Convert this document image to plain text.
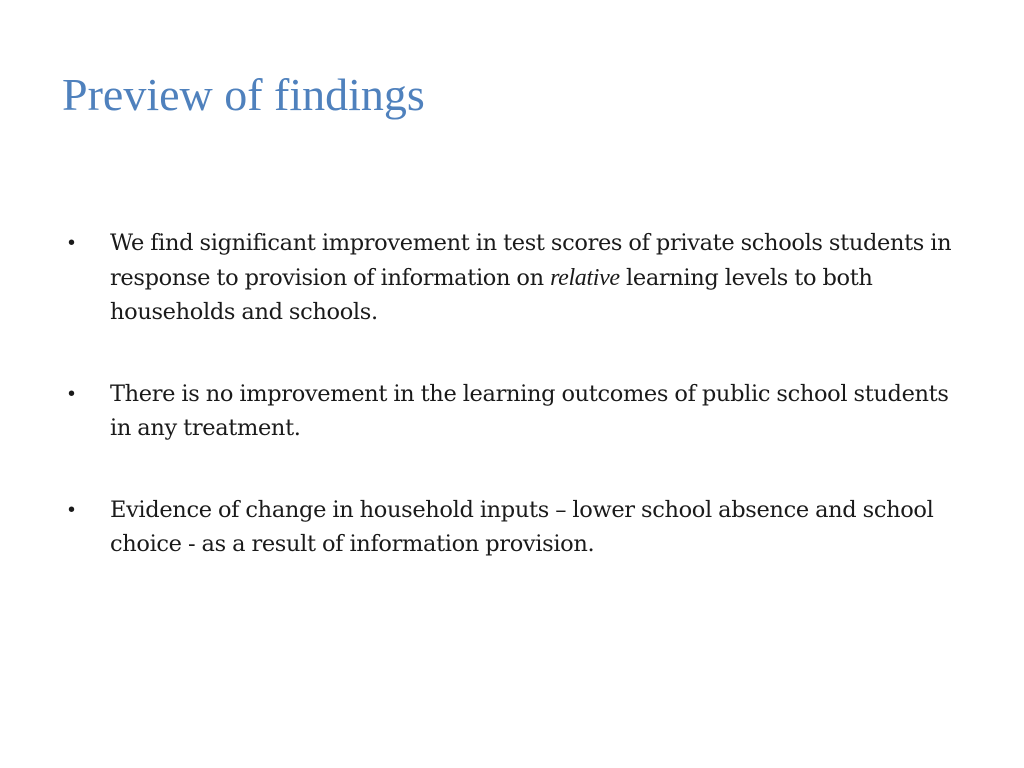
Preview of findings
• We find significant improvement in test scores of private schools students in response to provision of information on relative learning levels to both households and schools.
• There is no improvement in the learning outcomes of public school students in any treatment.
• Evidence of change in household inputs – lower school absence and school choice - as a result of information provision.
